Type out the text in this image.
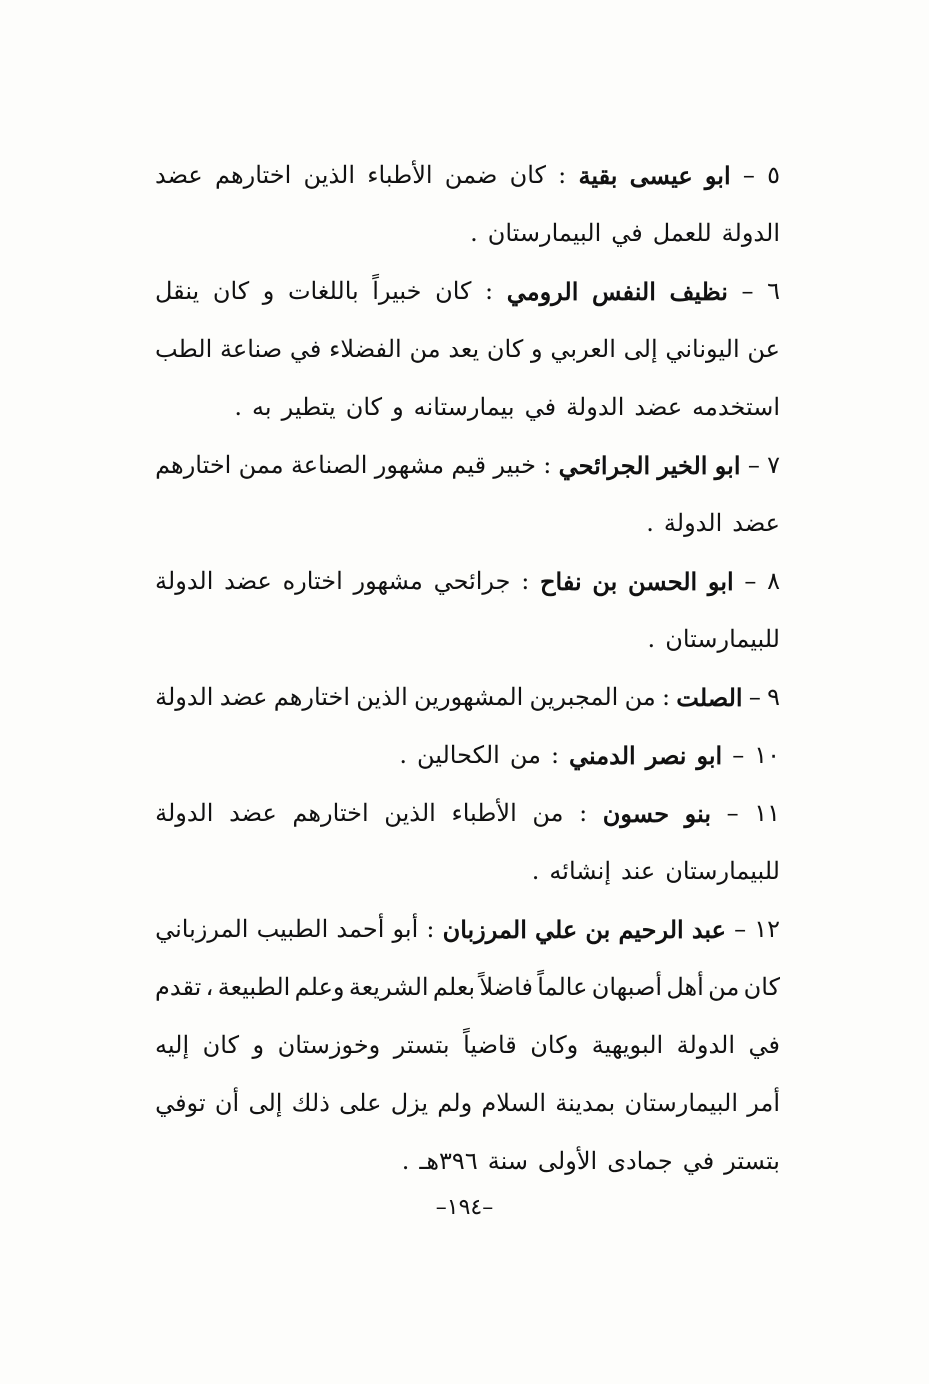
٥
–
ابو
عيسى
بقية
:
كان
ضمن
الأطباء
الذين
اختارهم
عضد
الدولة
للعمل
في
البيمارستان
.
٦
–
نظيف
النفس
الرومي
:
كان
خبيراً
باللغات
و
كان
ينقل
عن
اليوناني
إلى
العربي
و
كان
يعد
من
الفضلاء
في
صناعة
الطب
استخدمه
عضد
الدولة
في
بيمارستانه
و
كان
يتطير
به
.
٧
–
ابو
الخير
الجرائحي
:
خبير
قيم
مشهور
الصناعة
ممن
اختارهم
عضد
الدولة
.
٨
–
ابو
الحسن
بن
نفاح
:
جرائحي
مشهور
اختاره
عضد
الدولة
للبيمارستان
.
٩
–
الصلت
:
من
المجبرين
المشهورين
الذين
اختارهم
عضد
الدولة
١٠
–
ابو
نصر
الدمني
:
من
الكحالين
.
١١
–
بنو
حسون
:
من
الأطباء
الذين
اختارهم
عضد
الدولة
للبيمارستان
عند
إنشائه
.
١٢
–
عبد
الرحيم
بن
علي
المرزبان
:
أبو
أحمد
الطبيب
المرزباني
كان
من
أهل
أصبهان
عالماً
فاضلاً
بعلم
الشريعة
وعلم
الطبيعة
،
تقدم
في
الدولة
البويهية
وكان
قاضياً
بتستر
وخوزستان
و
كان
إليه
أمر
البيمارستان
بمدينة
السلام
ولم
يزل
على
ذلك
إلى
أن
توفي
بتستر
في
جمادى
الأولى
سنة
٣٩٦هـ
.
–١٩٤–
